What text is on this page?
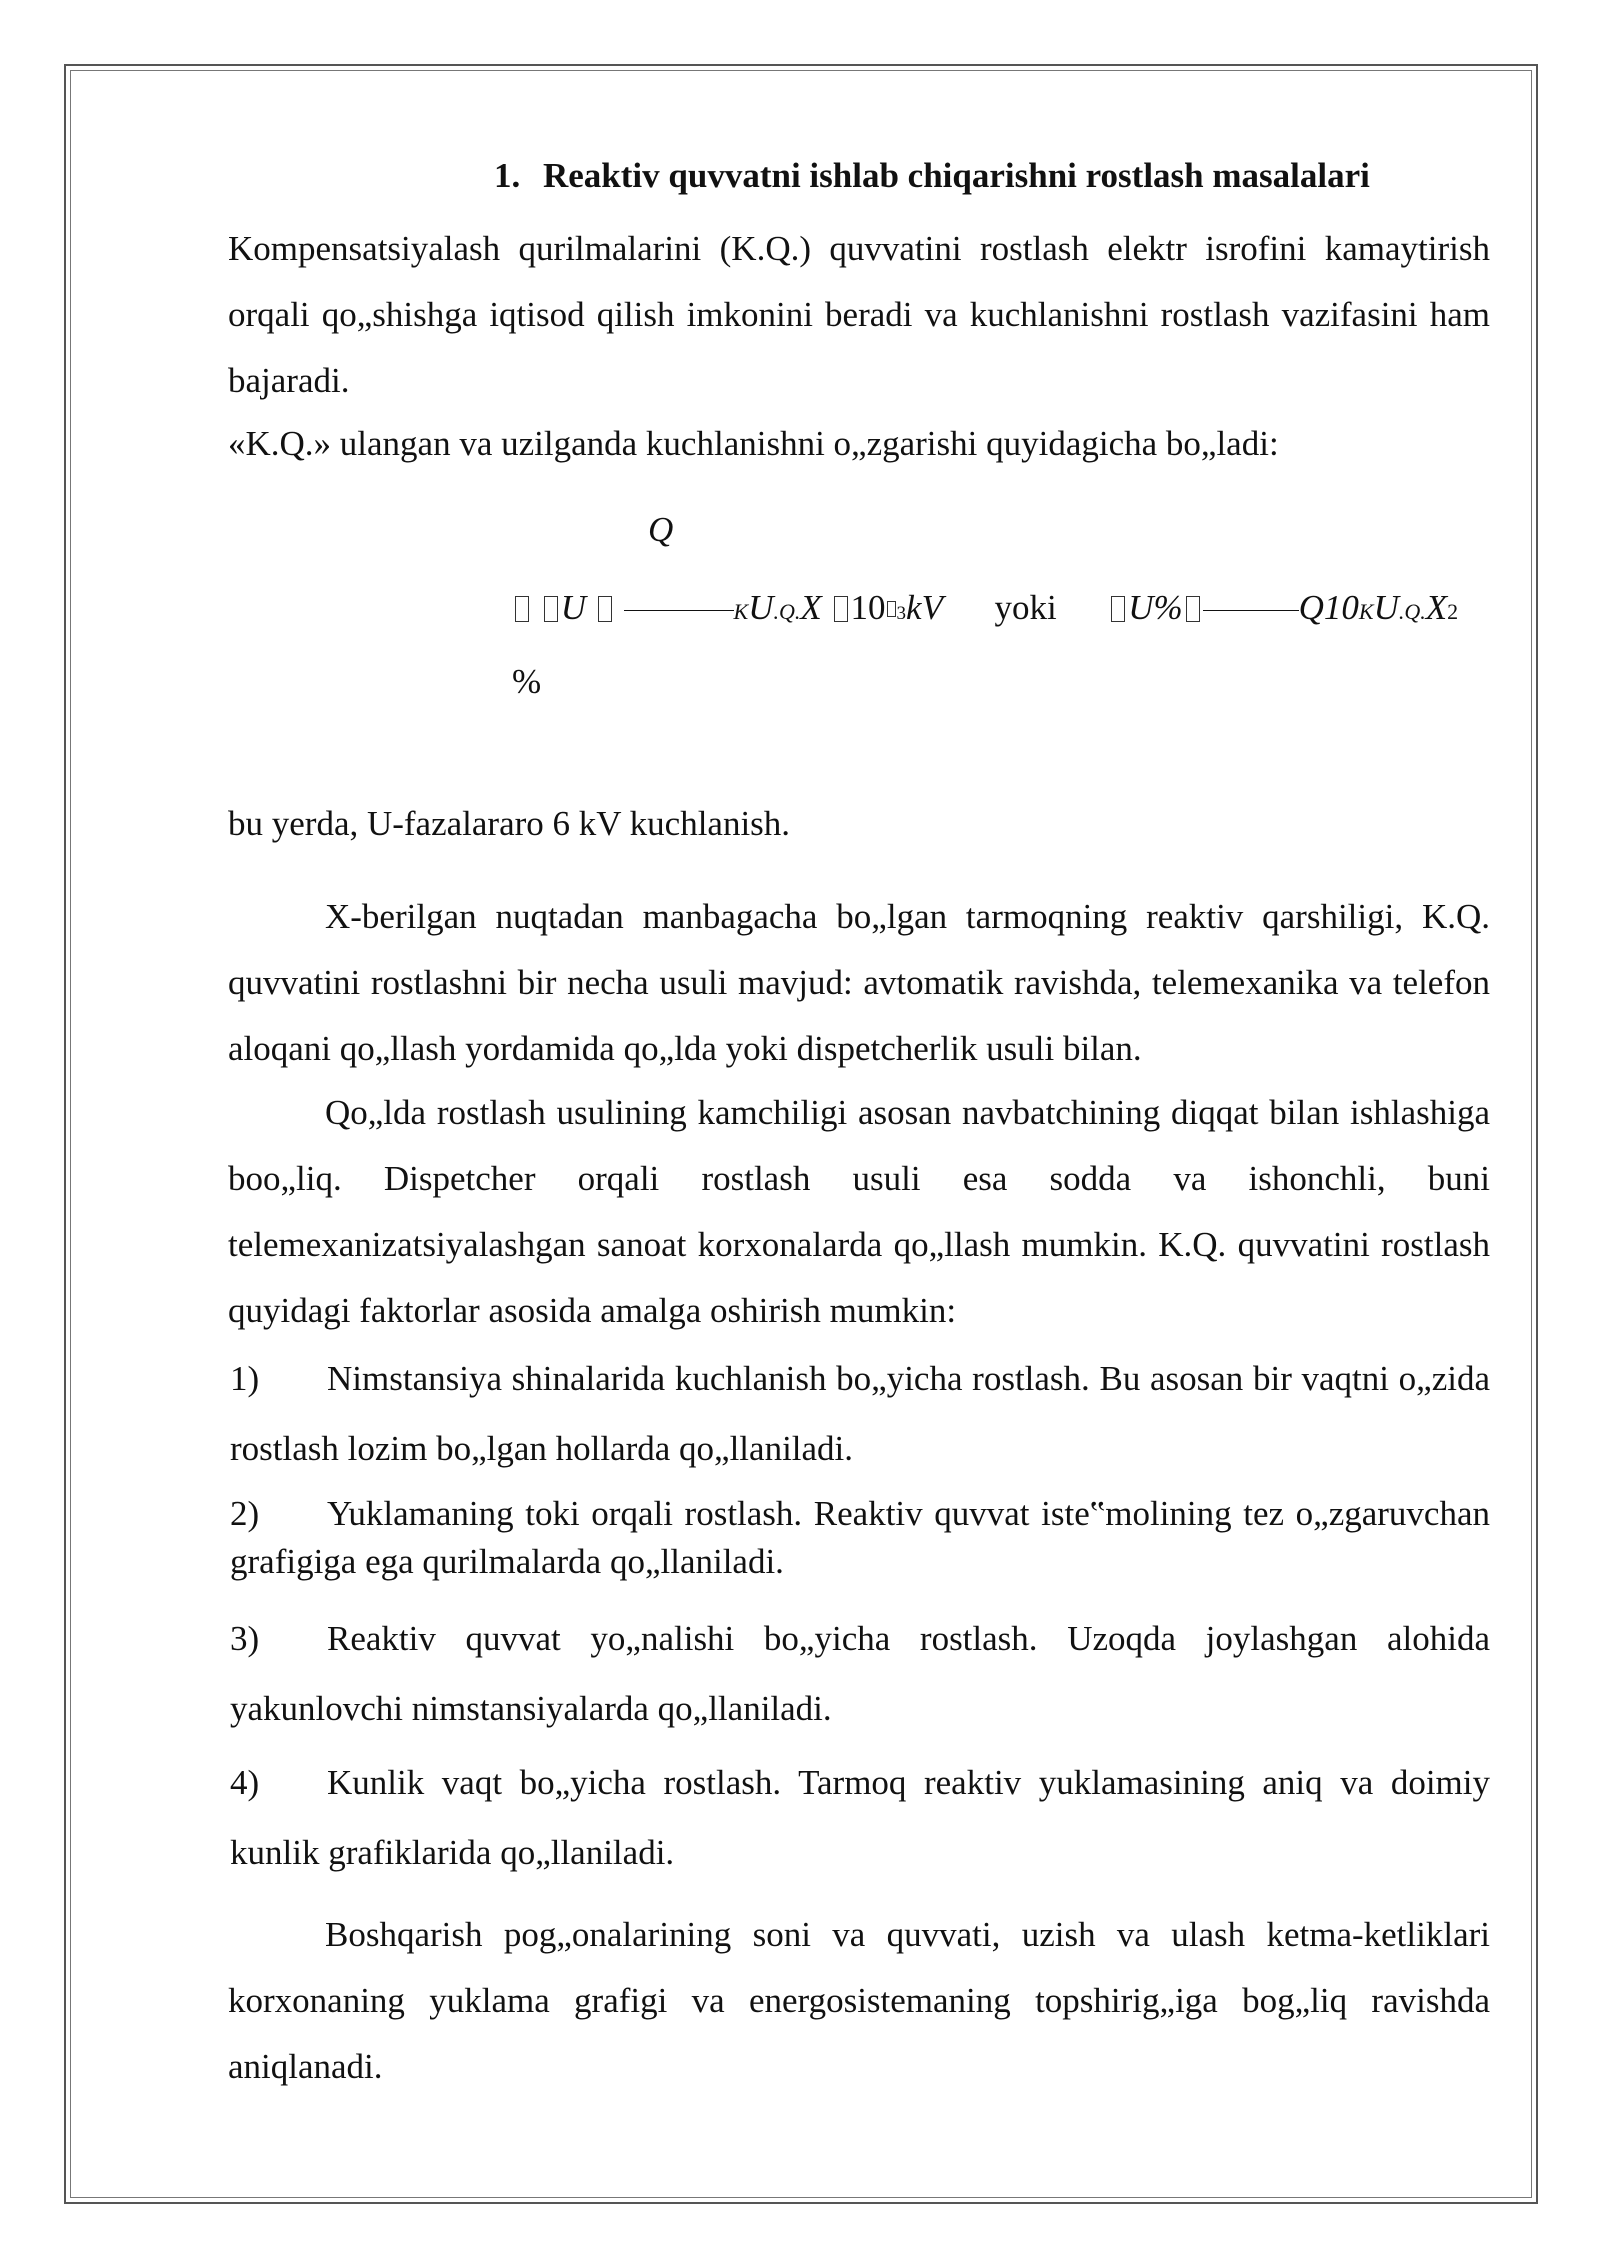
1. Reaktiv quvvatni ishlab chiqarishni rostlash masalalari
Kompensatsiyalash qurilmalarini (K.Q.) quvvatini rostlash elektr isrofini kamaytirish orqali qo„shishga iqtisod qilish imkonini beradi va kuchlanishni rostlash vazifasini ham bajaradi.
«K.Q.» ulangan va uzilganda kuchlanishni o„zgarishi quyidagicha bo„ladi:
Q
U	KU.Q.X 10 3kV yoki U%	Q10KU.Q.X2
%
bu yerda, U-fazalararo 6 kV kuchlanish.
X-berilgan nuqtadan manbagacha bo„lgan tarmoqning reaktiv qarshiligi, K.Q. quvvatini rostlashni bir necha usuli mavjud: avtomatik ravishda, telemexanika va telefon aloqani qo„llash yordamida qo„lda yoki dispetcherlik usuli bilan.
Qo„lda rostlash usulining kamchiligi asosan navbatchining diqqat bilan ishlashiga boo„liq. Dispetcher orqali rostlash usuli esa sodda va ishonchli, buni telemexanizatsiyalashgan sanoat korxonalarda qo„llash mumkin. K.Q. quvvatini rostlash quyidagi faktorlar asosida amalga oshirish mumkin:
1)	Nimstansiya shinalarida kuchlanish bo„yicha rostlash. Bu asosan bir vaqtni o„zida rostlash lozim bo„lgan hollarda qo„llaniladi.
2)	Yuklamaning toki orqali rostlash. Reaktiv quvvat iste‟molining tez o„zgaruvchan grafigiga ega qurilmalarda qo„llaniladi.
3)	Reaktiv quvvat yo„nalishi bo„yicha rostlash. Uzoqda joylashgan alohida yakunlovchi nimstansiyalarda qo„llaniladi.
4)	Kunlik vaqt bo„yicha rostlash. Tarmoq reaktiv yuklamasining aniq va doimiy kunlik grafiklarida qo„llaniladi.
Boshqarish pog„onalarining soni va quvvati, uzish va ulash ketma-ketliklari korxonaning yuklama grafigi va energosistemaning topshirig„iga bog„liq ravishda aniqlanadi.
